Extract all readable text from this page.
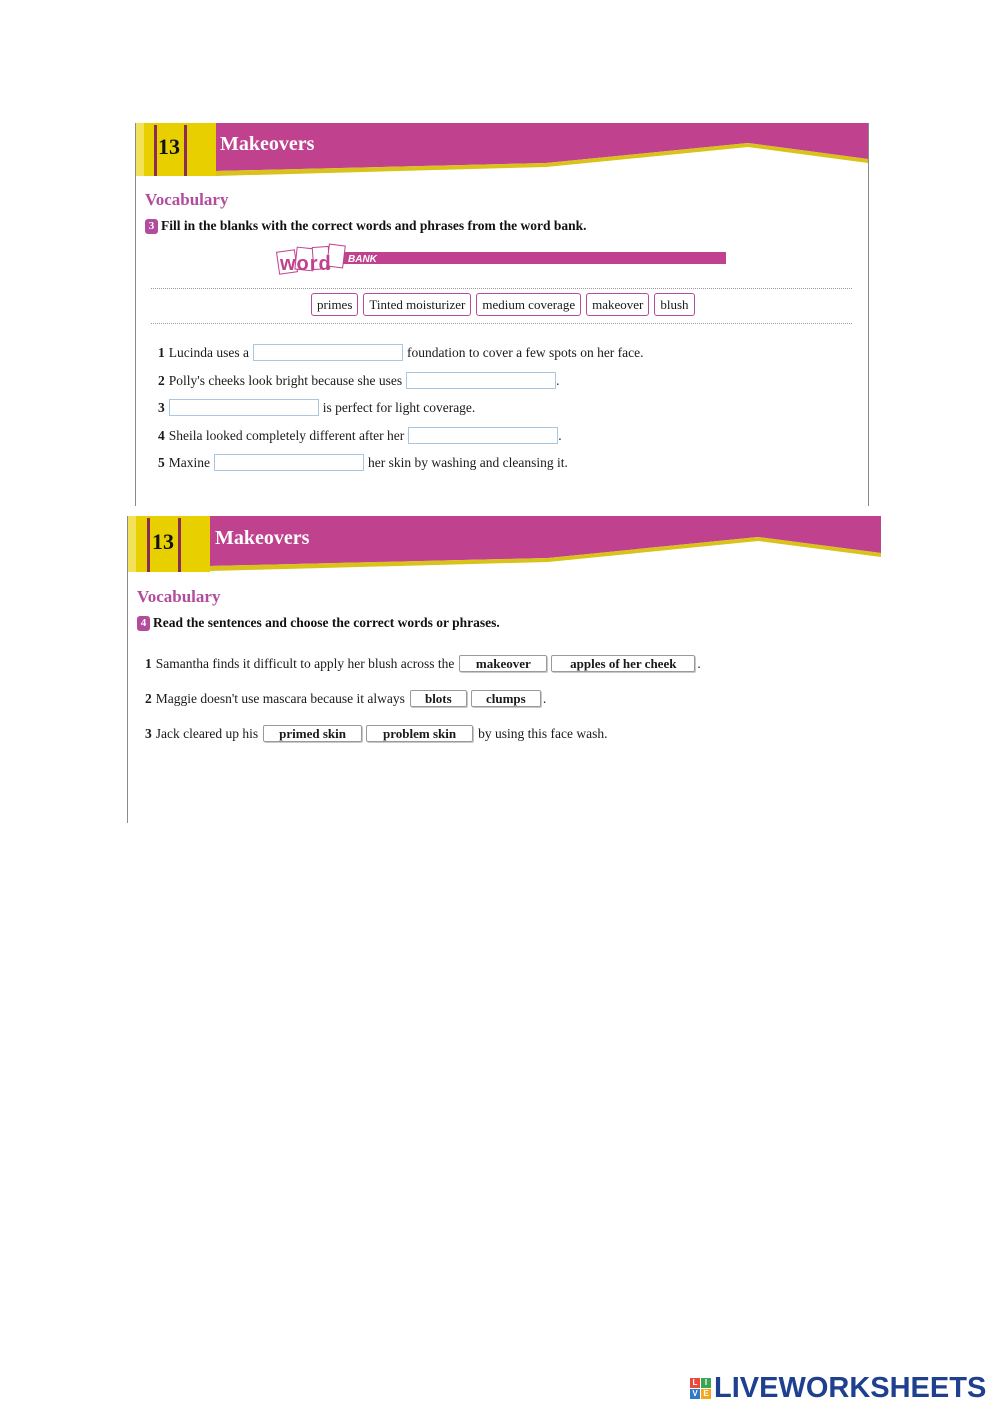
13 Makeovers
Vocabulary
3 Fill in the blanks with the correct words and phrases from the word bank.
word BANK
primes	Tinted moisturizer	medium coverage	makeover	blush
1 Lucinda uses a	foundation to cover a few spots on her face.
2 Polly's cheeks look bright because she uses	.
3	is perfect for light coverage.
4 Sheila looked completely different after her	.
5 Maxine	her skin by washing and cleansing it.
13 Makeovers
Vocabulary
4 Read the sentences and choose the correct words or phrases.
1 Samantha finds it difficult to apply her blush across the	makeover	apples of her cheek	.
2 Maggie doesn't use mascara because it always	blots	clumps	.
3 Jack cleared up his	primed skin	problem skin	by using this face wash.
L I
V E LIVEWORKSHEETS
